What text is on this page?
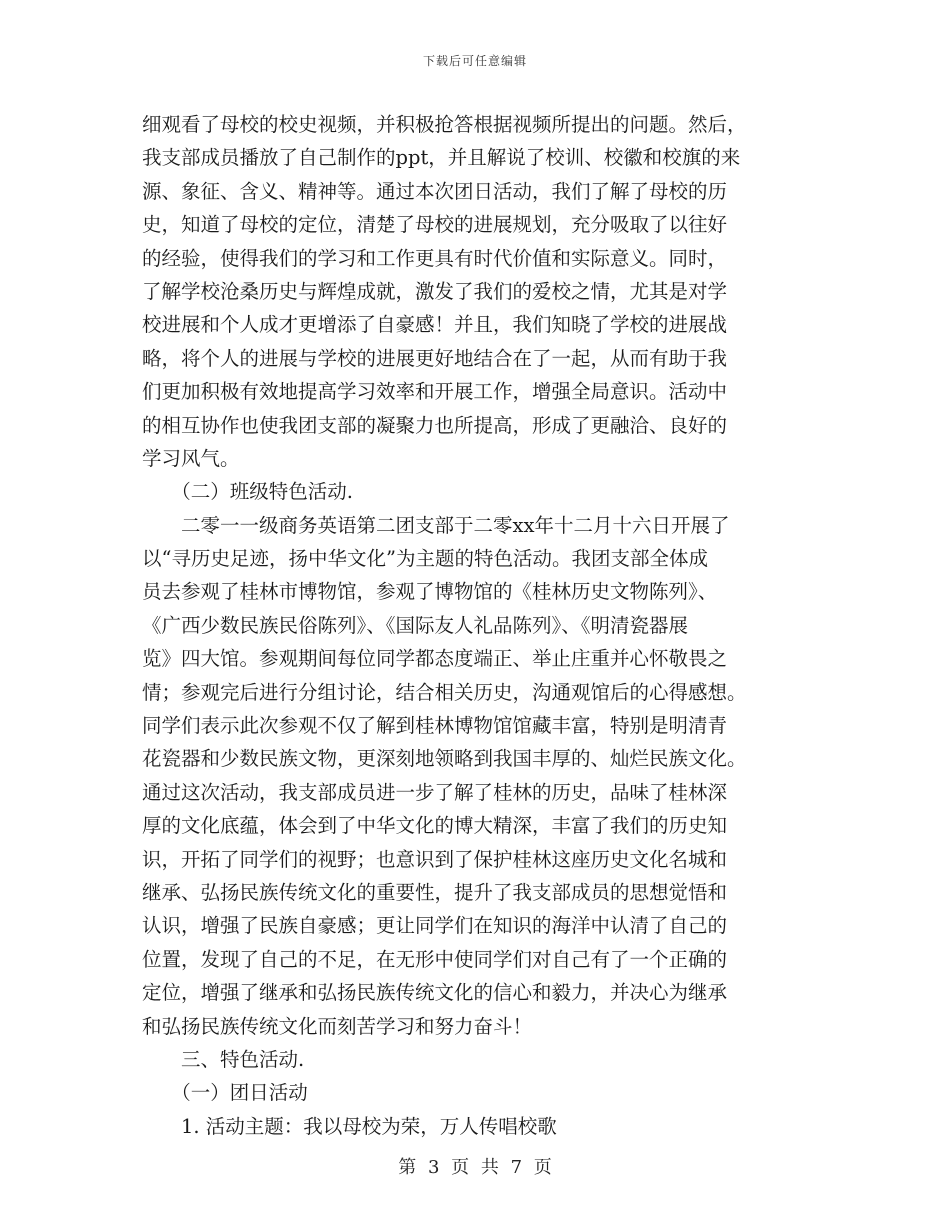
下载后可任意编辑
细观看了母校的校史视频，并积极抢答根据视频所提出的问题。然后，
我支部成员播放了自己制作的ppt，并且解说了校训、校徽和校旗的来
源、象征、含义、精神等。通过本次团日活动，我们了解了母校的历
史，知道了母校的定位，清楚了母校的进展规划，充分吸取了以往好
的经验，使得我们的学习和工作更具有时代价值和实际意义。同时，
了解学校沧桑历史与辉煌成就，激发了我们的爱校之情，尤其是对学
校进展和个人成才更增添了自豪感！并且，我们知晓了学校的进展战
略，将个人的进展与学校的进展更好地结合在了一起，从而有助于我
们更加积极有效地提高学习效率和开展工作，增强全局意识。活动中
的相互协作也使我团支部的凝聚力也所提高，形成了更融洽、良好的
学习风气。
　　（二）班级特色活动.
　　二零一一级商务英语第二团支部于二零xx年十二月十六日开展了
以“寻历史足迹，扬中华文化”为主题的特色活动。我团支部全体成
员去参观了桂林市博物馆，参观了博物馆的《桂林历史文物陈列》、
《广西少数民族民俗陈列》、《国际友人礼品陈列》、《明清瓷器展
览》四大馆。参观期间每位同学都态度端正、举止庄重并心怀敬畏之
情；参观完后进行分组讨论，结合相关历史，沟通观馆后的心得感想。
同学们表示此次参观不仅了解到桂林博物馆馆藏丰富，特别是明清青
花瓷器和少数民族文物，更深刻地领略到我国丰厚的、灿烂民族文化。
通过这次活动，我支部成员进一步了解了桂林的历史，品味了桂林深
厚的文化底蕴，体会到了中华文化的博大精深，丰富了我们的历史知
识，开拓了同学们的视野；也意识到了保护桂林这座历史文化名城和
继承、弘扬民族传统文化的重要性，提升了我支部成员的思想觉悟和
认识，增强了民族自豪感；更让同学们在知识的海洋中认清了自己的
位置，发现了自己的不足，在无形中使同学们对自己有了一个正确的
定位，增强了继承和弘扬民族传统文化的信心和毅力，并决心为继承
和弘扬民族传统文化而刻苦学习和努力奋斗！
　　三、特色活动.
　　（一）团日活动
　　1. 活动主题：我以母校为荣，万人传唱校歌
第 3 页 共 7 页
